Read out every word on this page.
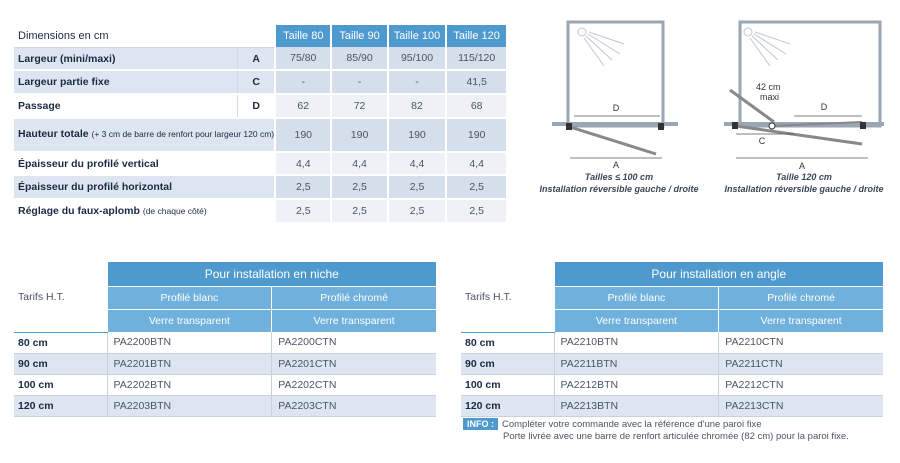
Dimensions en cm		Taille 80	Taille 90	Taille 100	Taille 120
Largeur (mini/maxi)	A	75/80	85/90	95/100	115/120
Largeur partie fixe	C	-	-	-	41,5
Passage	D	62	72	82	68
Hauteur totale (+ 3 cm de barre de renfort pour largeur 120 cm)		190	190	190	190
Épaisseur du profilé vertical		4,4	4,4	4,4	4,4
Épaisseur du profilé horizontal		2,5	2,5	2,5	2,5
Réglage du faux-aplomb (de chaque côté)		2,5	2,5	2,5	2,5
D
A
Tailles ≤ 100 cm
Installation réversible gauche / droite
42 cm
maxi
D
C
A
Taille 120 cm
Installation réversible gauche / droite
Tarifs H.T.	Pour installation en niche	
	Profilé blanc	Profilé chromé
	Verre transparent	Verre transparent
80 cm	PA2200BTN	PA2200CTN
90 cm	PA2201BTN	PA2201CTN
100 cm	PA2202BTN	PA2202CTN
120 cm	PA2203BTN	PA2203CTN
Tarifs H.T.	Pour installation en angle	
	Profilé blanc	Profilé chromé
	Verre transparent	Verre transparent
80 cm	PA2210BTN	PA2210CTN
90 cm	PA2211BTN	PA2211CTN
100 cm	PA2212BTN	PA2212CTN
120 cm	PA2213BTN	PA2213CTN
INFO : Compléter votre commande avec la référence d'une paroi fixe
Porte livrée avec une barre de renfort articulée chromée (82 cm) pour la paroi fixe.
